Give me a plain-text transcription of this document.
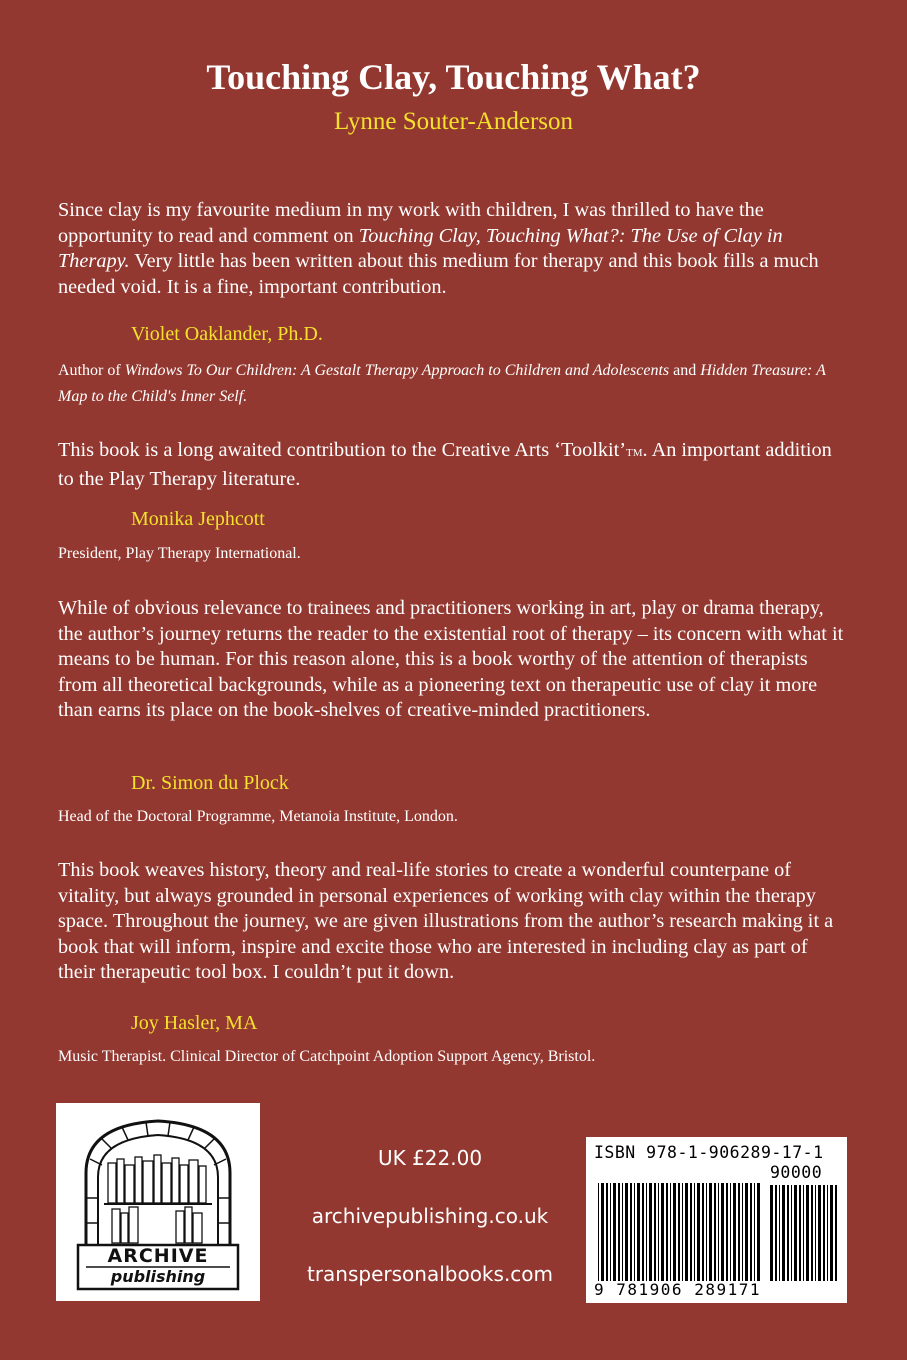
Touching Clay, Touching What?
Lynne Souter-Anderson

Since clay is my favourite medium in my work with children, I was thrilled to have the opportunity to read and comment on Touching Clay, Touching What?: The Use of Clay in Therapy. Very little has been written about this medium for therapy and this book fills a much needed void. It is a fine, important contribution.

Violet Oaklander, Ph.D.

Author of Windows To Our Children: A Gestalt Therapy Approach to Children and Adolescents and Hidden Treasure: A Map to the Child's Inner Self.

This book is a long awaited contribution to the Creative Arts ‘Toolkit’TM. An important addition to the Play Therapy literature.

Monika Jephcott

President, Play Therapy International.

While of obvious relevance to trainees and practitioners working in art, play or drama therapy, the author’s journey returns the reader to the existential root of therapy – its concern with what it means to be human. For this reason alone, this is a book worthy of the attention of therapists from all theoretical backgrounds, while as a pioneering text on therapeutic use of clay it more than earns its place on the book-shelves of creative-minded practitioners.

Dr. Simon du Plock

Head of the Doctoral Programme, Metanoia Institute, London.

This book weaves history, theory and real-life stories to create a wonderful counterpane of vitality, but always grounded in personal experiences of working with clay within the therapy space. Throughout the journey, we are given illustrations from the author’s research making it a book that will inform, inspire and excite those who are interested in including clay as part of their therapeutic tool box. I couldn’t put it down.

Joy Hasler, MA

Music Therapist. Clinical Director of Catchpoint Adoption Support Agency, Bristol.

ARCHIVE
publishing
UK £22.00
archivepublishing.co.uk
transpersonalbooks.com
ISBN 978-1-906289-17-1
90000
9 781906 289171
